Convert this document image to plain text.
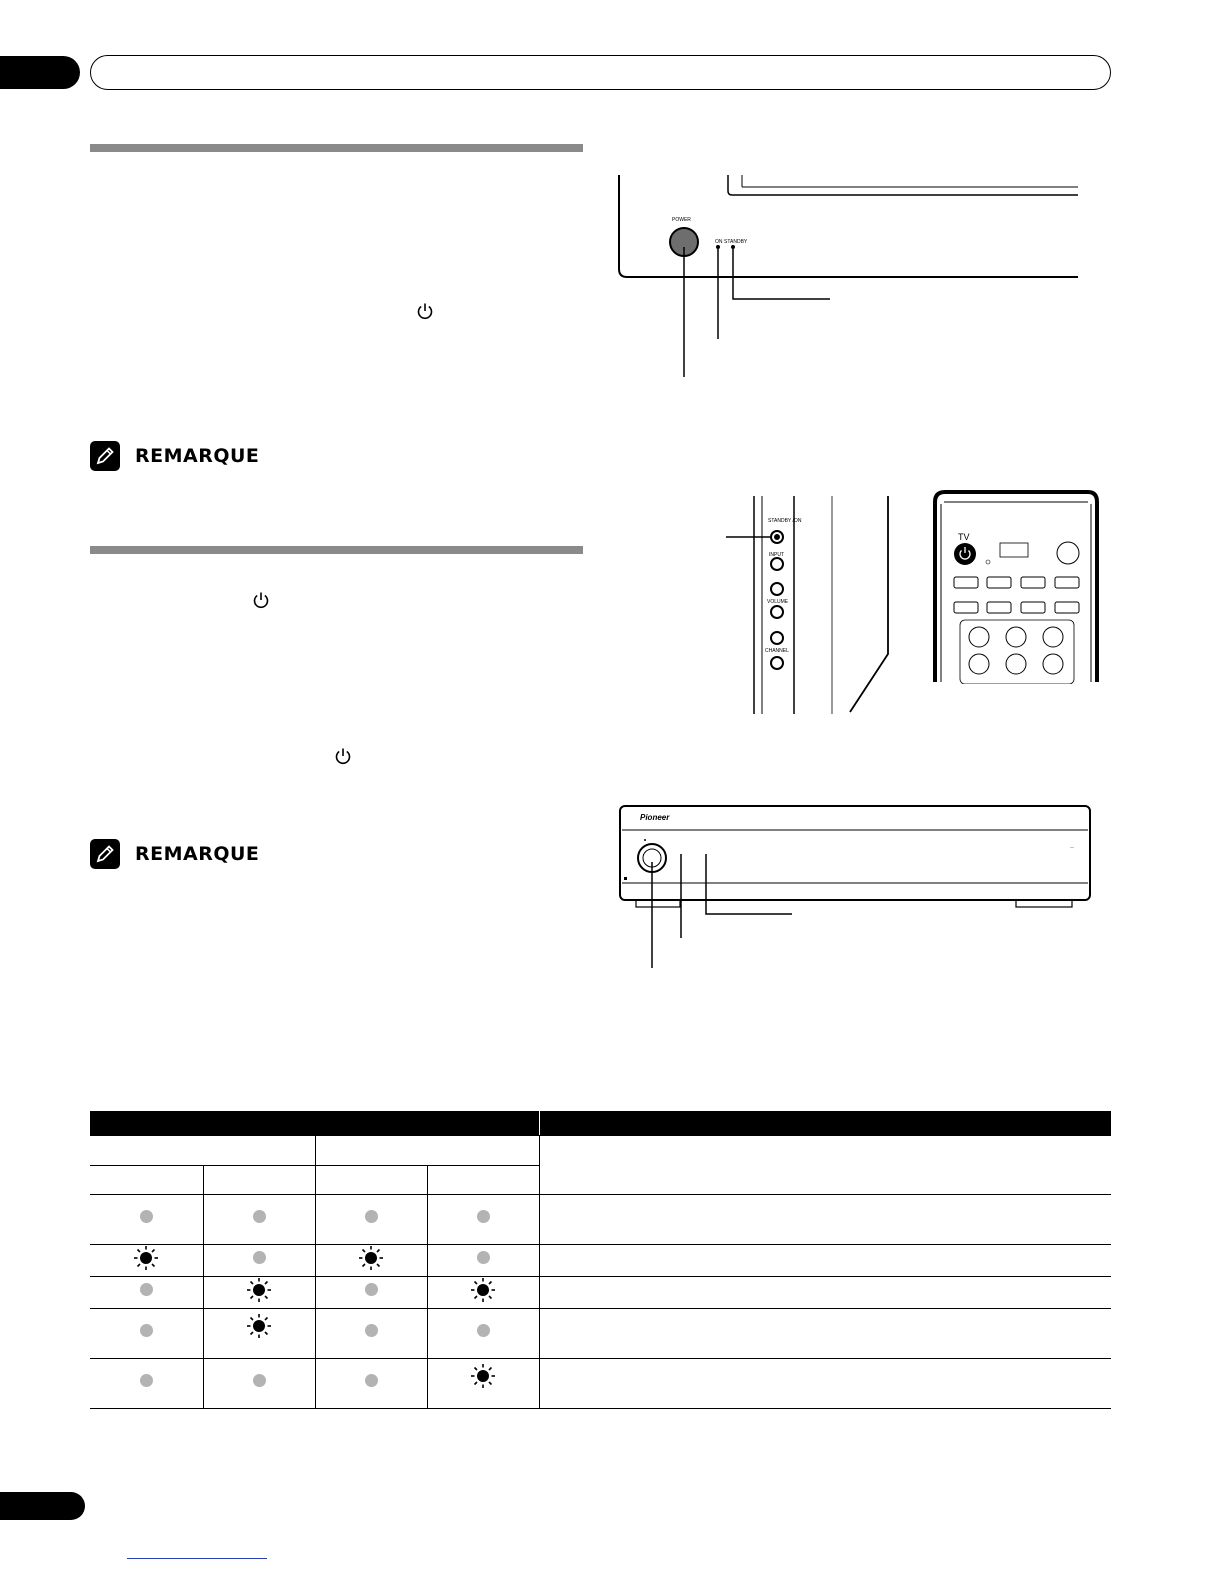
REMARQUE
REMARQUE
POWER
ON STANDBY
STANDBY /ON
INPUT
VOLUME
CHANNEL
TV
Pioneer
—
